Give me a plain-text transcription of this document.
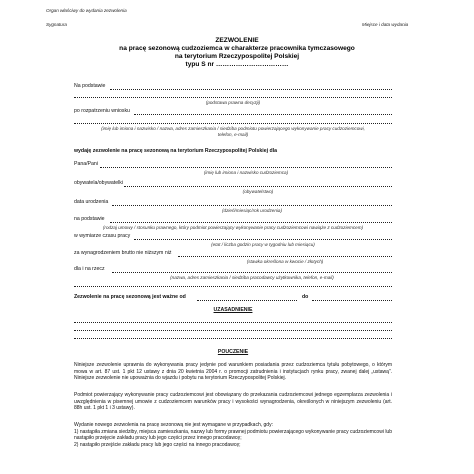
Organ właściwy do wydania zezwolenia
Sygnatura	Miejsce i data wydania
ZEZWOLENIE
na pracę sezonową cudzoziemca w charakterze pracownika tymczasowego
na terytorium Rzeczypospolitej Polskiej
typu S nr ……………………………
Na podstawie
(podstawa prawna decyzji)
po rozpatrzeniu wniosku
(imię lub imiona i nazwisko / nazwa, adres zamieszkania / siedziba podmiotu powierzającego wykonywanie pracy cudzoziemcowi,
telefon, e-mail)
wydaję zezwolenie na pracę sezonową na terytorium Rzeczypospolitej Polskiej dla
Pana/Pani
(imię lub imiona i nazwisko cudzoziemca)
obywatela/obywatelki
(obywatelstwo)
data urodzenia
(dzień/miesiąc/rok urodzenia)
na podstawie
(rodzaj umowy / stosunku prawnego, który podmiot powierzający wykonywanie pracy cudzoziemcowi nawiąże z cudzoziemcem)
w wymiarze czasu pracy
(etat / liczba godzin pracy w tygodniu lub miesiącu)
za wynagrodzeniem brutto nie niższym niż
(stawka określona w kwocie / złotych)
dla i na rzecz
(nazwa, adres zamieszkania / siedziba pracodawcy użytkownika, telefon, e-mail)
Zezwolenie na pracę sezonową jest ważne od	do
UZASADNIENIE
POUCZENIE

Niniejsze zezwolenie uprawnia do wykonywania pracy jedynie pod warunkiem posiadania przez cudzoziemca tytułu pobytowego, o którym mowa w art. 87 ust. 1 pkt 12 ustawy z dnia 20 kwietnia 2004 r. o promocji zatrudnienia i instytucjach rynku pracy, zwanej dalej „ustawą”. Niniejsze zezwolenie nie upoważnia do wjazdu i pobytu na terytorium Rzeczypospolitej Polskiej.

Podmiot powierzający wykonywanie pracy cudzoziemcowi jest obowiązany do przekazania cudzoziemcowi jednego egzemplarza zezwolenia i uwzględnienia w pisemnej umowie z cudzoziemcem warunków pracy i wysokości wynagrodzenia, określonych w niniejszym zezwoleniu (art. 88h ust. 1 pkt 1 i 3 ustawy).

Wydanie nowego zezwolenia na pracę sezonową nie jest wymagane w przypadkach, gdy:

1) nastąpiła zmiana siedziby, miejsca zamieszkania, nazwy lub formy prawnej podmiotu powierzającego wykonywanie pracy cudzoziemcowi lub nastąpiło przejęcie zakładu pracy lub jego części przez innego pracodawcę;

2) nastąpiło przejście zakładu pracy lub jego części na innego pracodawcę;
